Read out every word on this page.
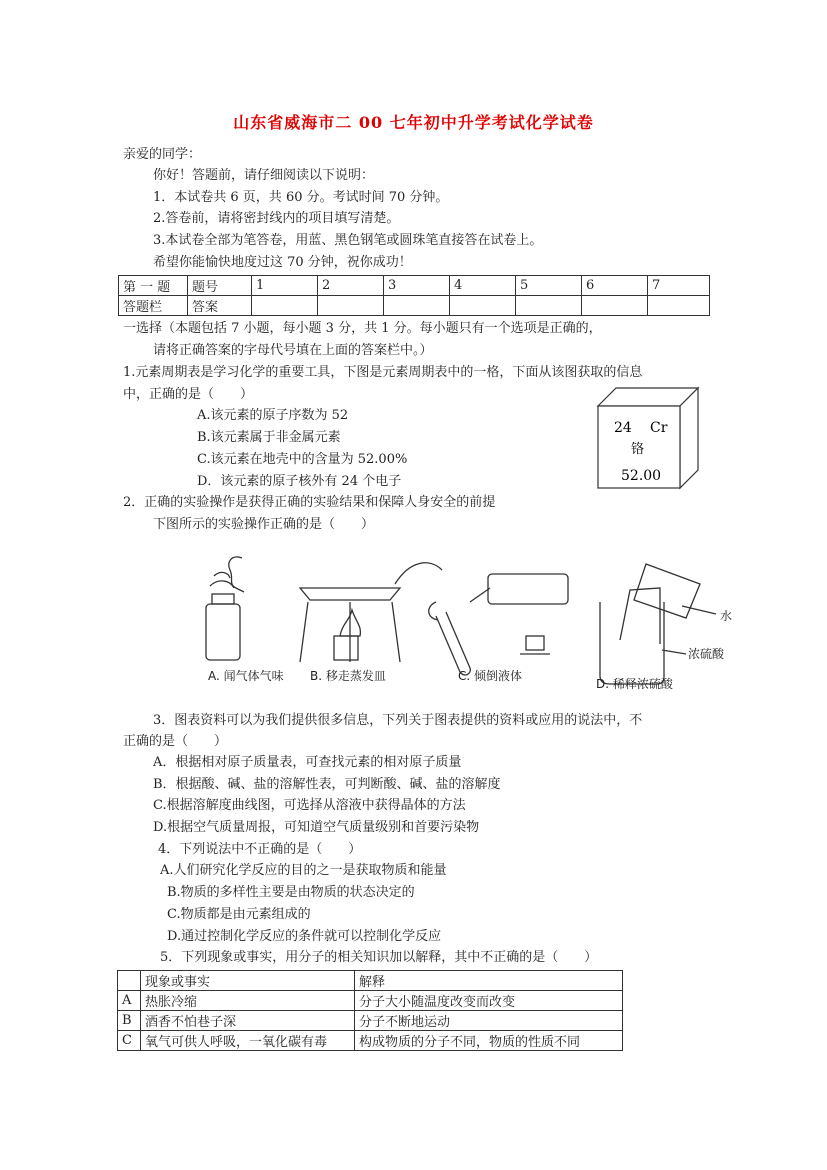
山东省威海市二 00 七年初中升学考试化学试卷
亲爱的同学：
你好！答题前，请仔细阅读以下说明：
1．本试卷共 6 页，共 60 分。考试时间 70 分钟。
2.答卷前，请将密封线内的项目填写清楚。
3.本试卷全部为笔答卷，用蓝、黑色钢笔或圆珠笔直接答在试卷上。
希望你能愉快地度过这 70 分钟，祝你成功！
第 一 题	题号	1	2	3	4	5	6	7
答题栏	答案							
一选择（本题包括 7 小题，每小题 3 分，共 1 分。每小题只有一个选项是正确的，
请将正确答案的字母代号填在上面的答案栏中。）
1.元素周期表是学习化学的重要工具，下图是元素周期表中的一格，下面从该图获取的信息
中，正确的是（　　）
A.该元素的原子序数为 52
B.该元素属于非金属元素
C.该元素在地壳中的含量为 52.00%
D．该元素的原子核外有 24 个电子
24 Cr
铬
52.00
2．正确的实验操作是获得正确的实验结果和保障人身安全的前提
下图所示的实验操作正确的是（　　）
A. 闻气体气味 B. 移走蒸发皿	C. 倾倒液体
D. 稀释浓硫酸
水
浓硫酸
3．图表资料可以为我们提供很多信息，下列关于图表提供的资料或应用的说法中，不
正确的是（　　）
A．根据相对原子质量表，可查找元素的相对原子质量
B．根据酸、碱、盐的溶解性表，可判断酸、碱、盐的溶解度
C.根据溶解度曲线图，可选择从溶液中获得晶体的方法
D.根据空气质量周报，可知道空气质量级别和首要污染物
4．下列说法中不正确的是（　　）
A.人们研究化学反应的目的之一是获取物质和能量
B.物质的多样性主要是由物质的状态决定的
C.物质都是由元素组成的
D.通过控制化学反应的条件就可以控制化学反应
5．下列现象或事实，用分子的相关知识加以解释，其中不正确的是（　　）
	现象或事实	解释
A	热胀冷缩	分子大小随温度改变而改变
B	酒香不怕巷子深	分子不断地运动
C	氧气可供人呼吸，一氧化碳有毒	构成物质的分子不同，物质的性质不同
